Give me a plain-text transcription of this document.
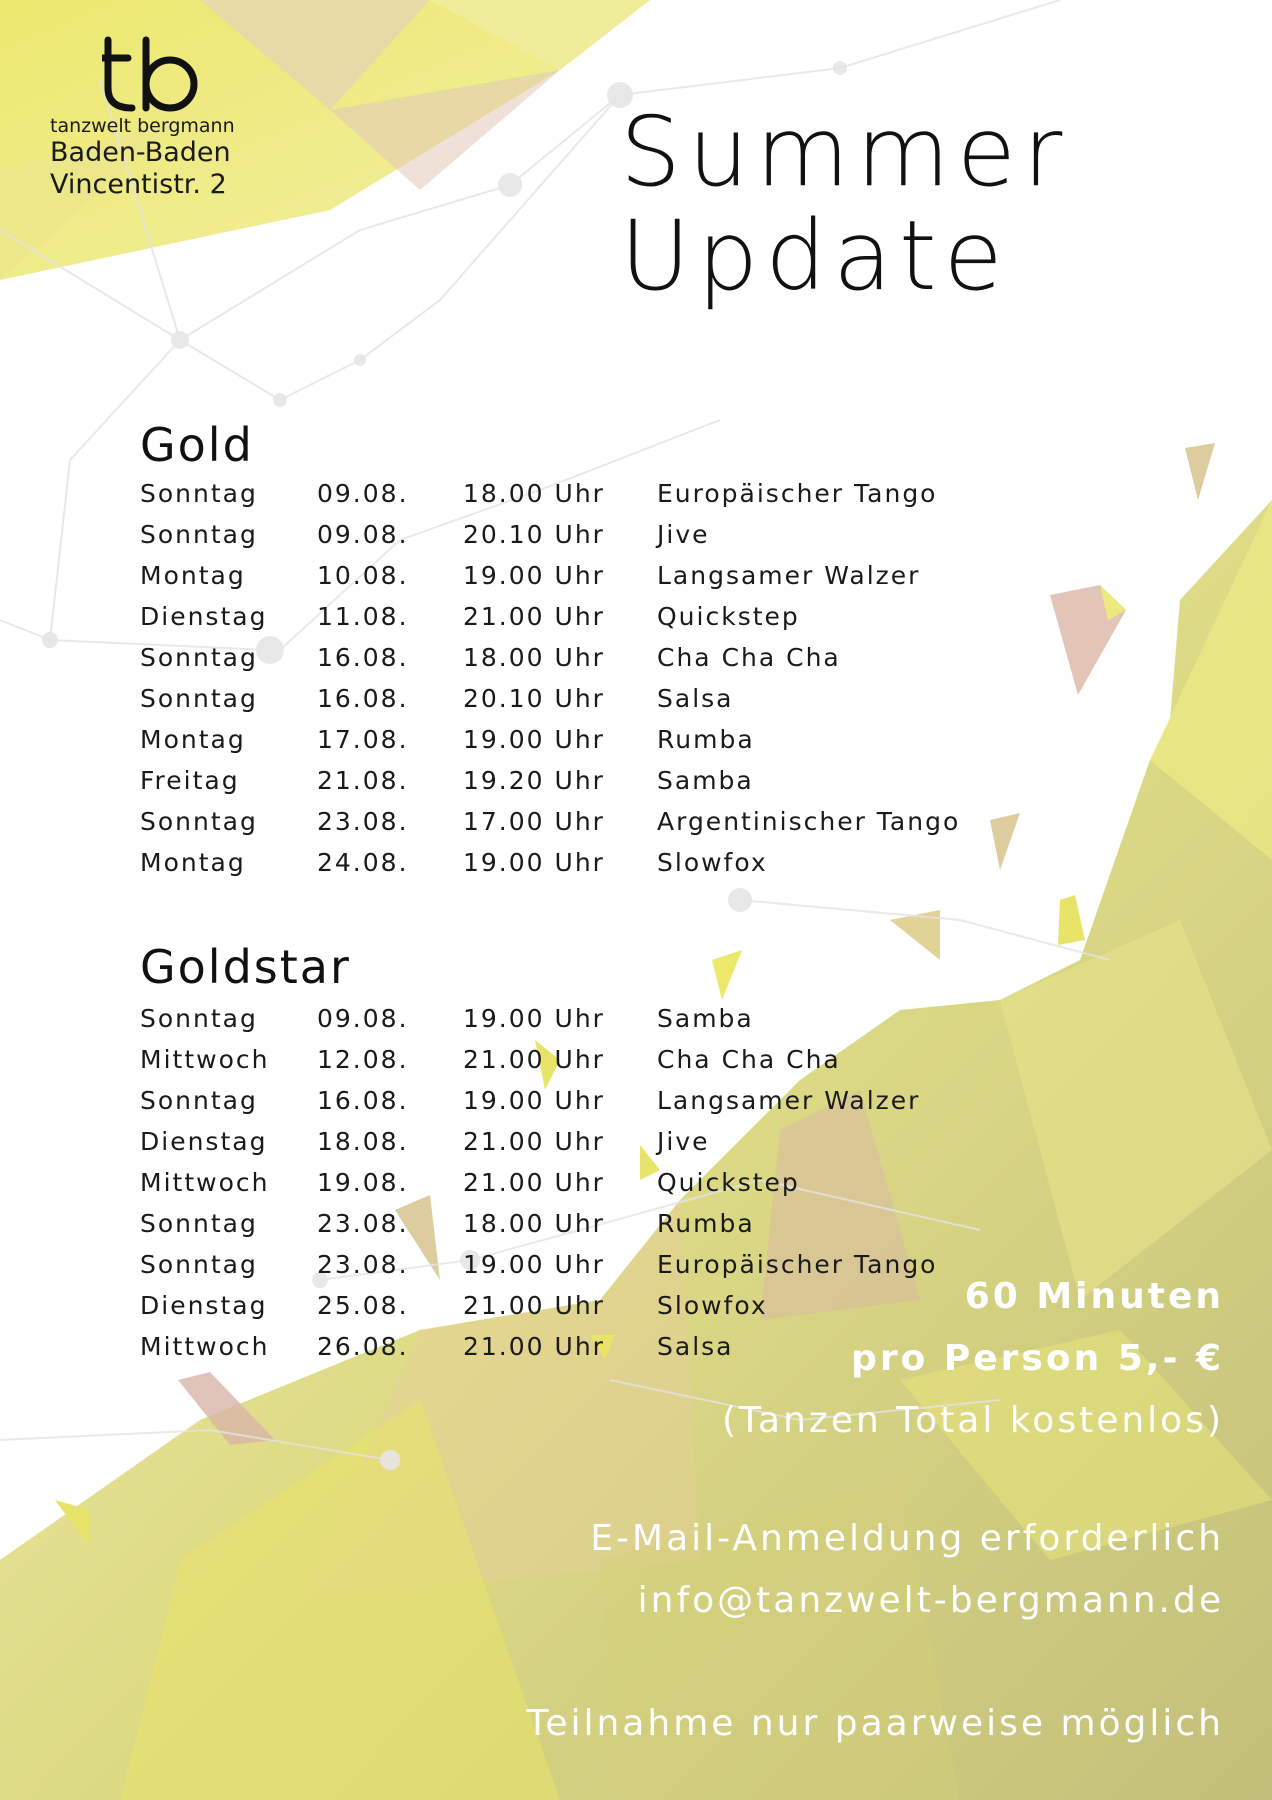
tanzwelt bergmann
Baden-Baden
Vincentistr. 2	Summer
Update
Gold
Sonntag 09.08. 18.00 Uhr Europäischer Tango
Sonntag 09.08. 20.10 Uhr Jive
Montag	10.08. 19.00 Uhr Langsamer Walzer
Dienstag 11.08. 21.00 Uhr Quickstep
Sonntag 16.08. 18.00 Uhr Cha Cha Cha
Sonntag 16.08. 20.10 Uhr Salsa
Montag	17.08. 19.00 Uhr Rumba
Freitag	21.08. 19.20 Uhr Samba
Sonntag 23.08. 17.00 Uhr Argentinischer Tango
Montag	24.08. 19.00 Uhr Slowfox
Goldstar
Sonntag 09.08. 19.00 Uhr Samba
Mittwoch 12.08. 21.00 Uhr Cha Cha Cha
Sonntag 16.08. 19.00 Uhr Langsamer Walzer
Dienstag 18.08. 21.00 Uhr Jive
Mittwoch 19.08. 21.00 Uhr Quickstep
Sonntag 23.08. 18.00 Uhr Rumba
Sonntag 23.08. 19.00 Uhr Europäischer Tango
Dienstag 25.08. 21.00 Uhr Slowfox
Mittwoch 26.08. 21.00 Uhr Salsa
60 Minuten
pro Person 5,- €
(Tanzen Total kostenlos)
E-Mail-Anmeldung erforderlich
info@tanzwelt-bergmann.de
Teilnahme nur paarweise möglich
